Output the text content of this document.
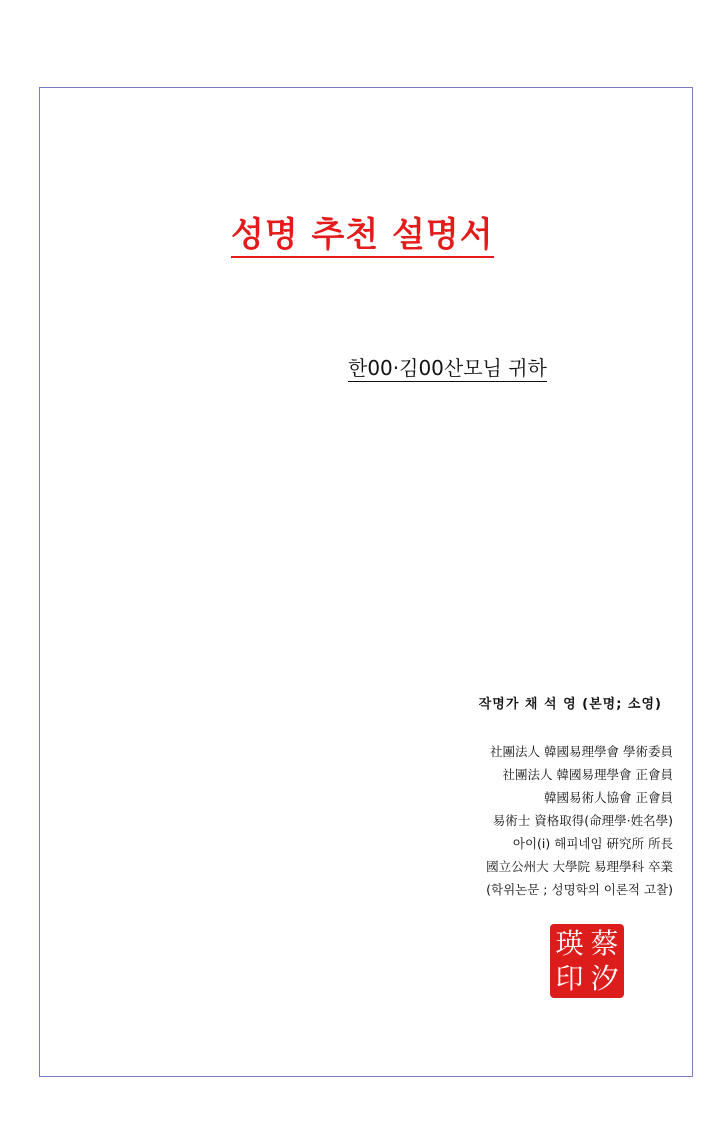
성명 추천 설명서
한00·김00산모님 귀하
작명가 채 석 영 (본명; 소영)
社團法人 韓國易理學會 學術委員
社團法人 韓國易理學會 正會員
韓國易術人協會 正會員
易術士 資格取得(命理學·姓名學)
아이(i) 해피네임 硏究所 所長
國立公州大 大學院 易理學科 卒業
(학위논문 ; 성명학의 이론적 고찰)
瑛 蔡
印 汐
